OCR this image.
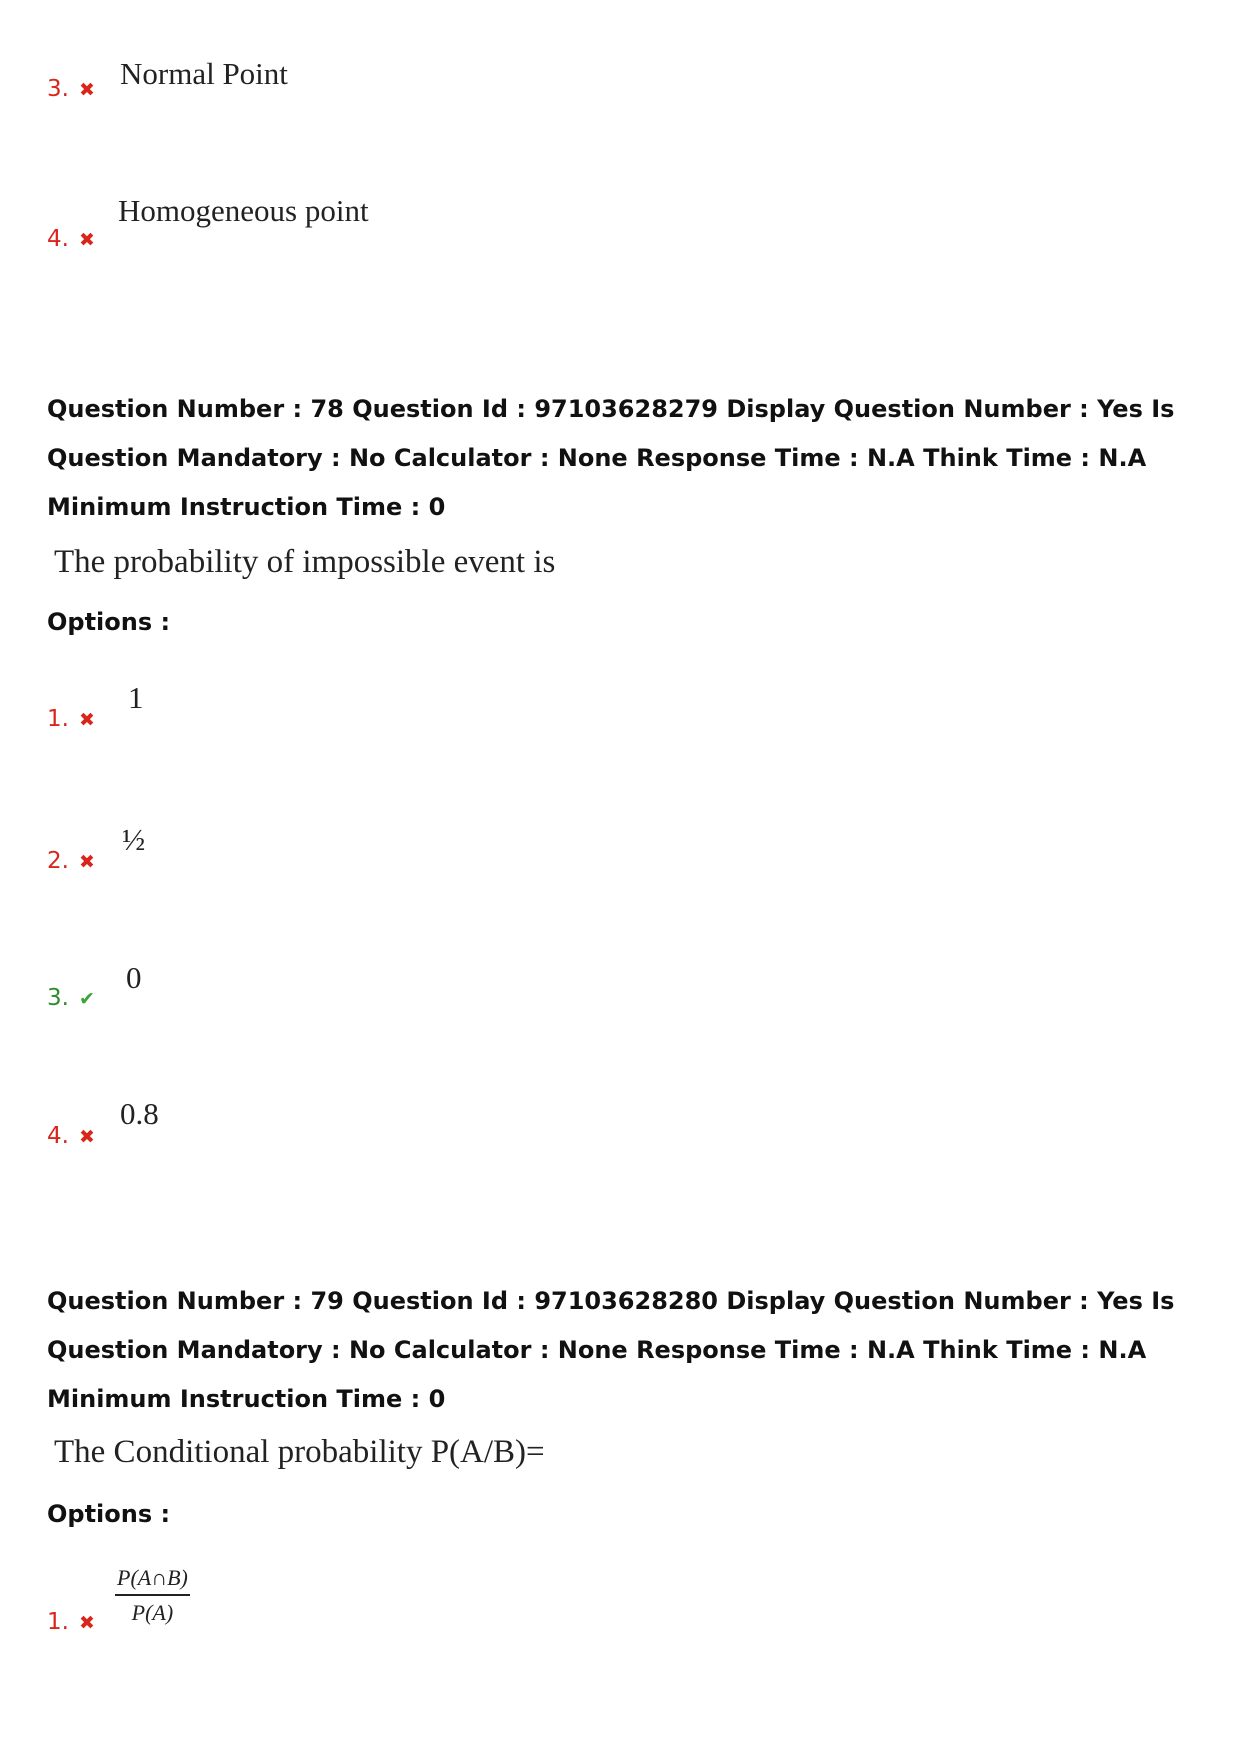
3. ✖ Normal Point
4. ✖
Homogeneous point
Question Number : 78 Question Id : 97103628279 Display Question Number : Yes Is Question Mandatory : No Calculator : None Response Time : N.A Think Time : N.A Minimum Instruction Time : 0
The probability of impossible event is
Options :
1. ✖
1
2. ✖
½
3. ✔
0
4. ✖
0.8
Question Number : 79 Question Id : 97103628280 Display Question Number : Yes Is Question Mandatory : No Calculator : None Response Time : N.A Think Time : N.A Minimum Instruction Time : 0
The Conditional probability P(A/B)=
Options :
1. ✖ $\frac{P(A\cap B)}{P(A)}$
